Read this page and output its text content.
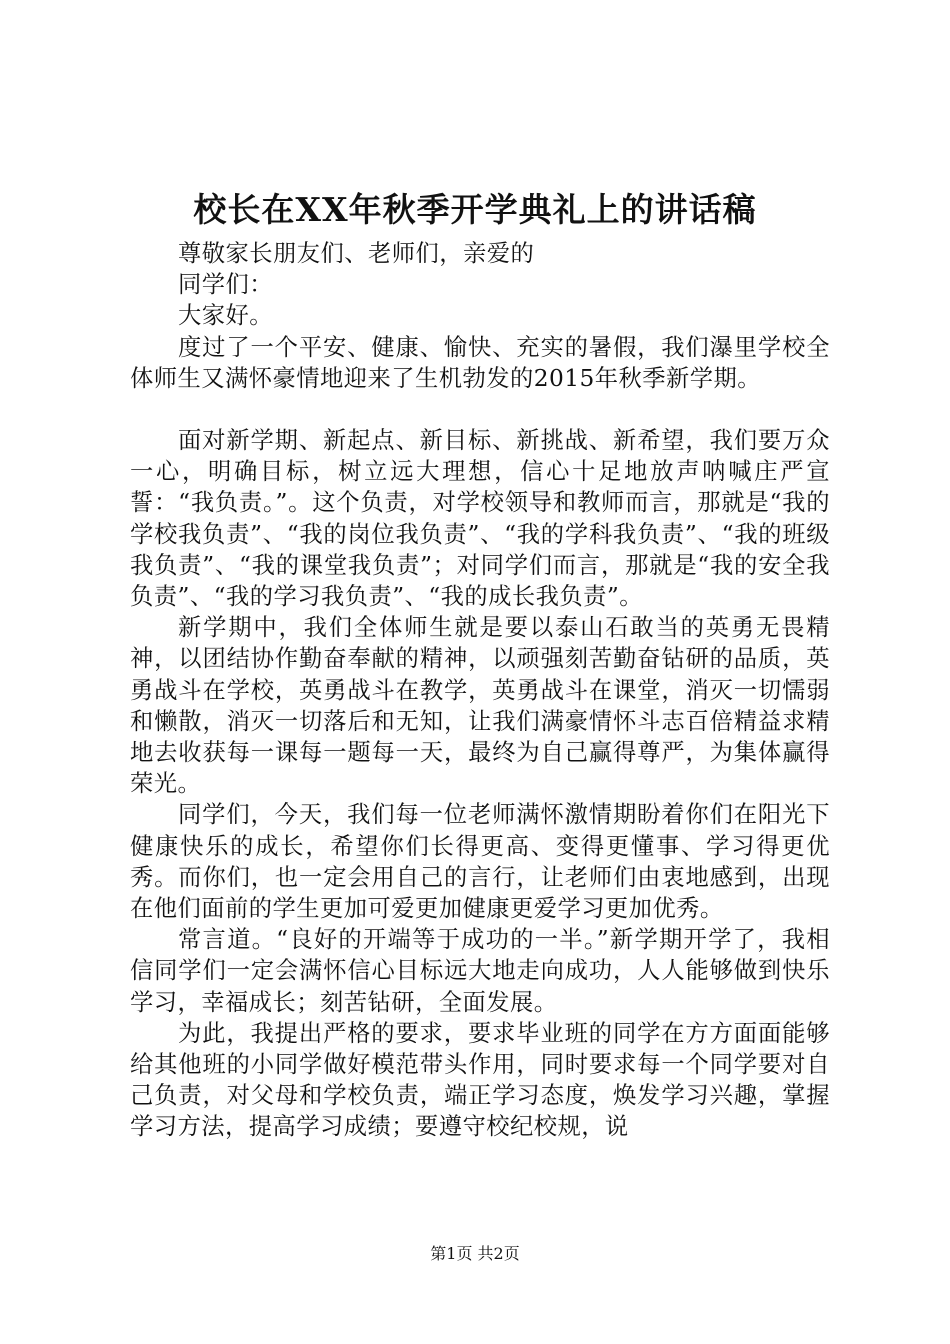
校长在XX年秋季开学典礼上的讲话稿

尊敬家长朋友们、老师们，亲爱的

同学们：

大家好。

度过了一个平安、健康、愉快、充实的暑假，我们瀑里学校全体师生又满怀豪情地迎来了生机勃发的2015年秋季新学期。

面对新学期、新起点、新目标、新挑战、新希望，我们要万众一心，明确目标，树立远大理想，信心十足地放声呐喊庄严宣誓：“我负责。”。这个负责，对学校领导和教师而言，那就是“我的学校我负责”、“我的岗位我负责”、“我的学科我负责”、“我的班级我负责”、“我的课堂我负责”；对同学们而言，那就是“我的安全我负责”、“我的学习我负责”、“我的成长我负责”。

新学期中，我们全体师生就是要以泰山石敢当的英勇无畏精神，以团结协作勤奋奉献的精神，以顽强刻苦勤奋钻研的品质，英勇战斗在学校，英勇战斗在教学，英勇战斗在课堂，消灭一切懦弱和懒散，消灭一切落后和无知，让我们满豪情怀斗志百倍精益求精地去收获每一课每一题每一天，最终为自己赢得尊严，为集体赢得荣光。

同学们，今天，我们每一位老师满怀激情期盼着你们在阳光下健康快乐的成长，希望你们长得更高、变得更懂事、学习得更优秀。而你们，也一定会用自己的言行，让老师们由衷地感到，出现在他们面前的学生更加可爱更加健康更爱学习更加优秀。

常言道。“良好的开端等于成功的一半。”新学期开学了，我相信同学们一定会满怀信心目标远大地走向成功，人人能够做到快乐学习，幸福成长；刻苦钻研，全面发展。

为此，我提出严格的要求，要求毕业班的同学在方方面面能够给其他班的小同学做好模范带头作用，同时要求每一个同学要对自己负责，对父母和学校负责，端正学习态度，焕发学习兴趣，掌握学习方法，提高学习成绩；要遵守校纪校规，说

第1页 共2页
